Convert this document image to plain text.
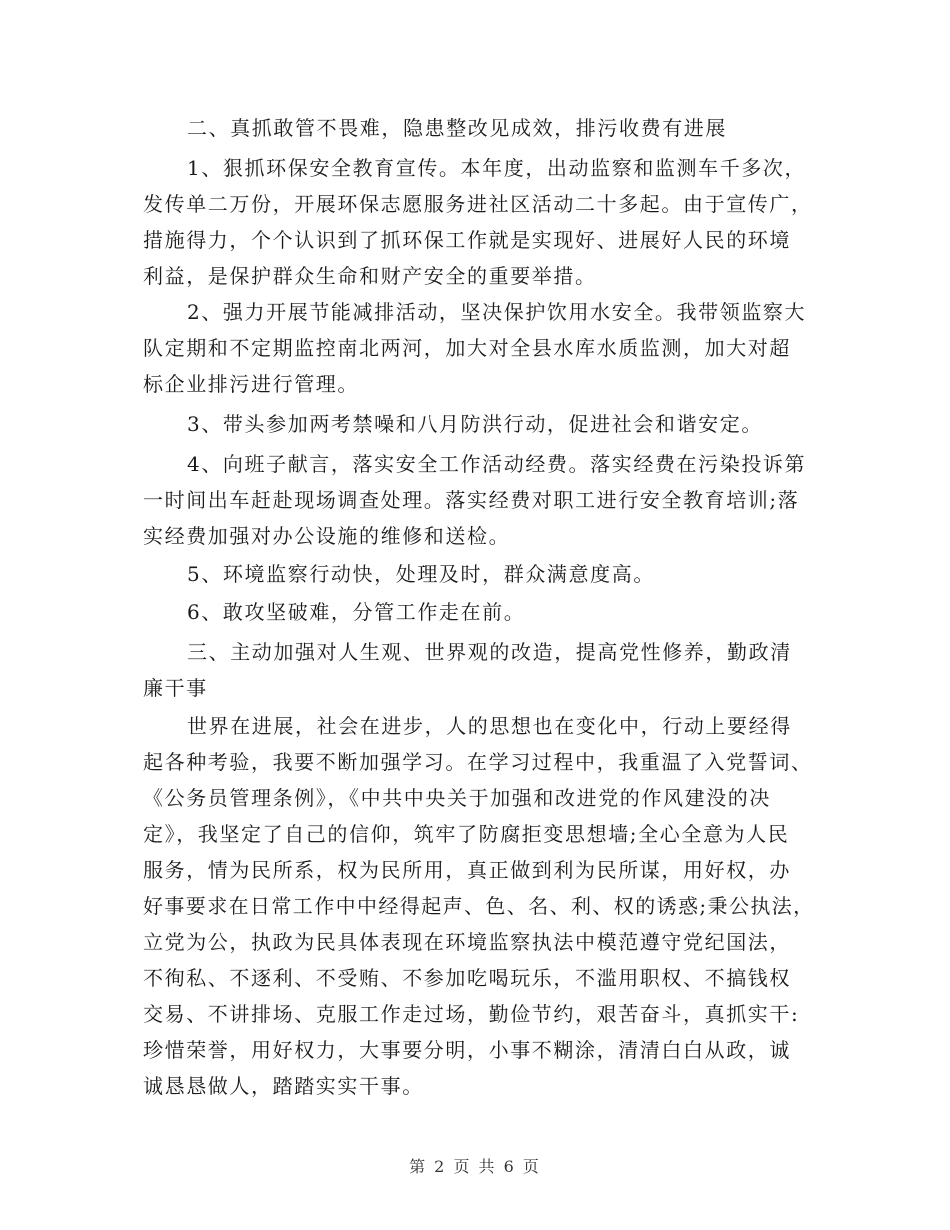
二、真抓敢管不畏难，隐患整改见成效，排污收费有进展
1、狠抓环保安全教育宣传。本年度，出动监察和监测车千多次，
发传单二万份，开展环保志愿服务进社区活动二十多起。由于宣传广，
措施得力，个个认识到了抓环保工作就是实现好、进展好人民的环境
利益，是保护群众生命和财产安全的重要举措。
2、强力开展节能减排活动，坚决保护饮用水安全。我带领监察大
队定期和不定期监控南北两河，加大对全县水库水质监测，加大对超
标企业排污进行管理。
3、带头参加两考禁噪和八月防洪行动，促进社会和谐安定。
4、向班子献言，落实安全工作活动经费。落实经费在污染投诉第
一时间出车赶赴现场调查处理。落实经费对职工进行安全教育培训;落
实经费加强对办公设施的维修和送检。
5、环境监察行动快，处理及时，群众满意度高。
6、敢攻坚破难，分管工作走在前。
三、主动加强对人生观、世界观的改造，提高党性修养，勤政清
廉干事
世界在进展，社会在进步，人的思想也在变化中，行动上要经得
起各种考验，我要不断加强学习。在学习过程中，我重温了入党誓词、
《公务员管理条例》，《中共中央关于加强和改进党的作风建没的决
定》，我坚定了自己的信仰，筑牢了防腐拒变思想墙;全心全意为人民
服务，情为民所系，权为民所用，真正做到利为民所谋，用好权，办
好事要求在日常工作中中经得起声、色、名、利、权的诱惑;秉公执法，
立党为公，执政为民具体表现在环境监察执法中模范遵守党纪国法，
不徇私、不逐利、不受贿、不参加吃喝玩乐，不滥用职权、不搞钱权
交易、不讲排场、克服工作走过场，勤俭节约，艰苦奋斗，真抓实干:
珍惜荣誉，用好权力，大事要分明，小事不糊涂，清清白白从政，诚
诚恳恳做人，踏踏实实干事。
第 2 页 共 6 页
